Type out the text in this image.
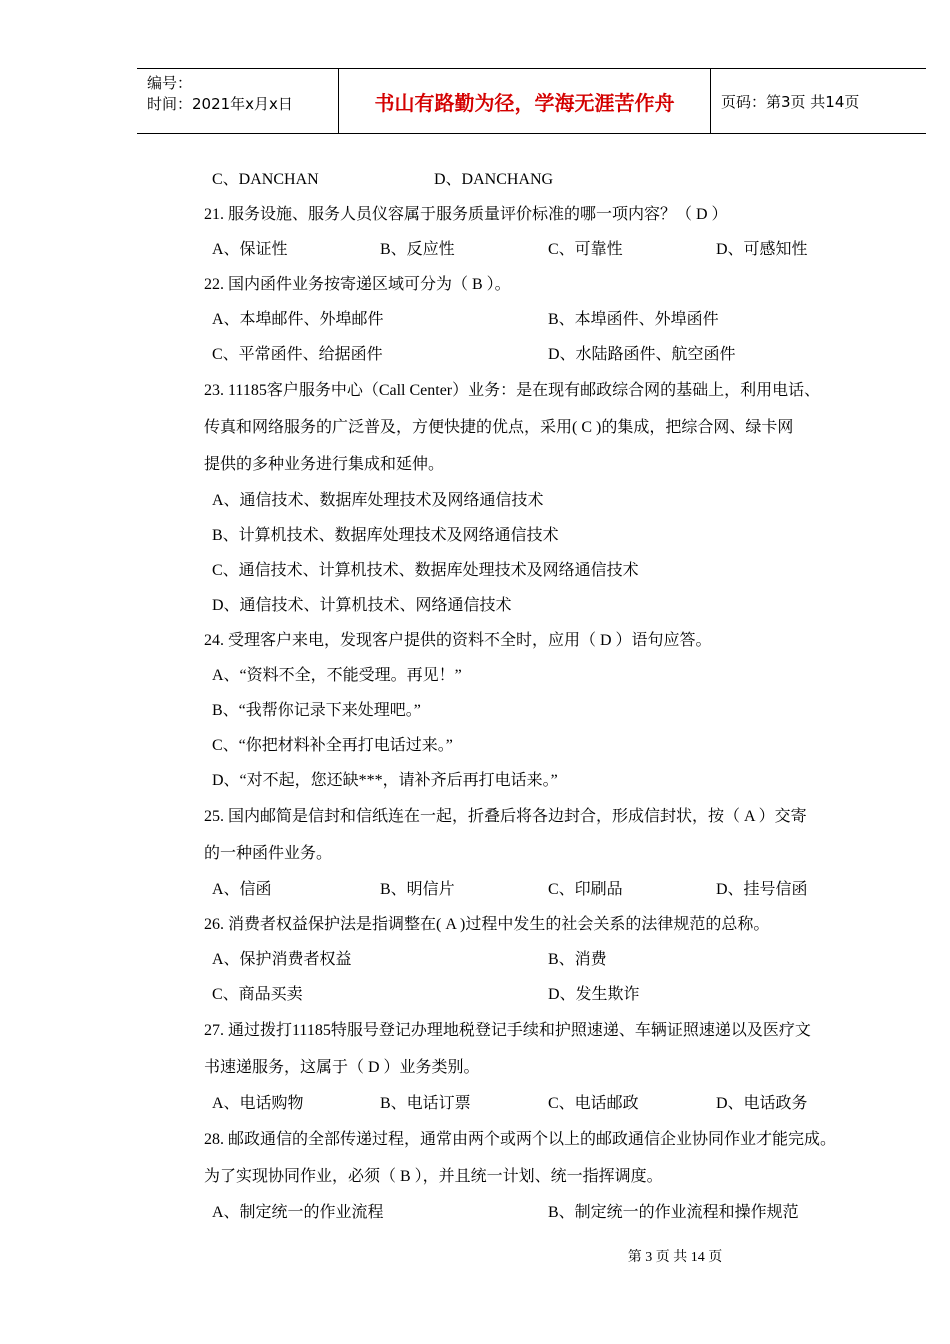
编号：
时间：2021年x月x日	书山有路勤为径，学海无涯苦作舟	页码：第3页 共14页
C、DANCHAN	D、DANCHANG
21. 服务设施、服务人员仪容属于服务质量评价标准的哪一项内容？（ D ）
A、保证性	B、反应性	C、可靠性	D、可感知性
22. 国内函件业务按寄递区域可分为（ B ）。
A、本埠邮件、外埠邮件	B、本埠函件、外埠函件
C、平常函件、给据函件	D、水陆路函件、航空函件
23. 11185客户服务中心（Call Center）业务：是在现有邮政综合网的基础上，利用电话、
传真和网络服务的广泛普及，方便快捷的优点，采用( C )的集成，把综合网、绿卡网
提供的多种业务进行集成和延伸。
A、通信技术、数据库处理技术及网络通信技术
B、计算机技术、数据库处理技术及网络通信技术
C、通信技术、计算机技术、数据库处理技术及网络通信技术
D、通信技术、计算机技术、网络通信技术
24. 受理客户来电，发现客户提供的资料不全时，应用（ D ）语句应答。
A、“资料不全，不能受理。再见！”
B、“我帮你记录下来处理吧。”
C、“你把材料补全再打电话过来。”
D、“对不起，您还缺***，请补齐后再打电话来。”
25. 国内邮简是信封和信纸连在一起，折叠后将各边封合，形成信封状，按（ A ）交寄
的一种函件业务。
A、信函	B、明信片	C、印刷品	D、挂号信函
26. 消费者权益保护法是指调整在( A )过程中发生的社会关系的法律规范的总称。
A、保护消费者权益	B、消费
C、商品买卖	D、发生欺诈
27. 通过拨打11185特服号登记办理地税登记手续和护照速递、车辆证照速递以及医疗文
书速递服务，这属于（ D ）业务类别。
A、电话购物	B、电话订票	C、电话邮政	D、电话政务
28. 邮政通信的全部传递过程，通常由两个或两个以上的邮政通信企业协同作业才能完成。
为了实现协同作业，必须（ B ），并且统一计划、统一指挥调度。
A、制定统一的作业流程	B、制定统一的作业流程和操作规范
第 3 页 共 14 页
